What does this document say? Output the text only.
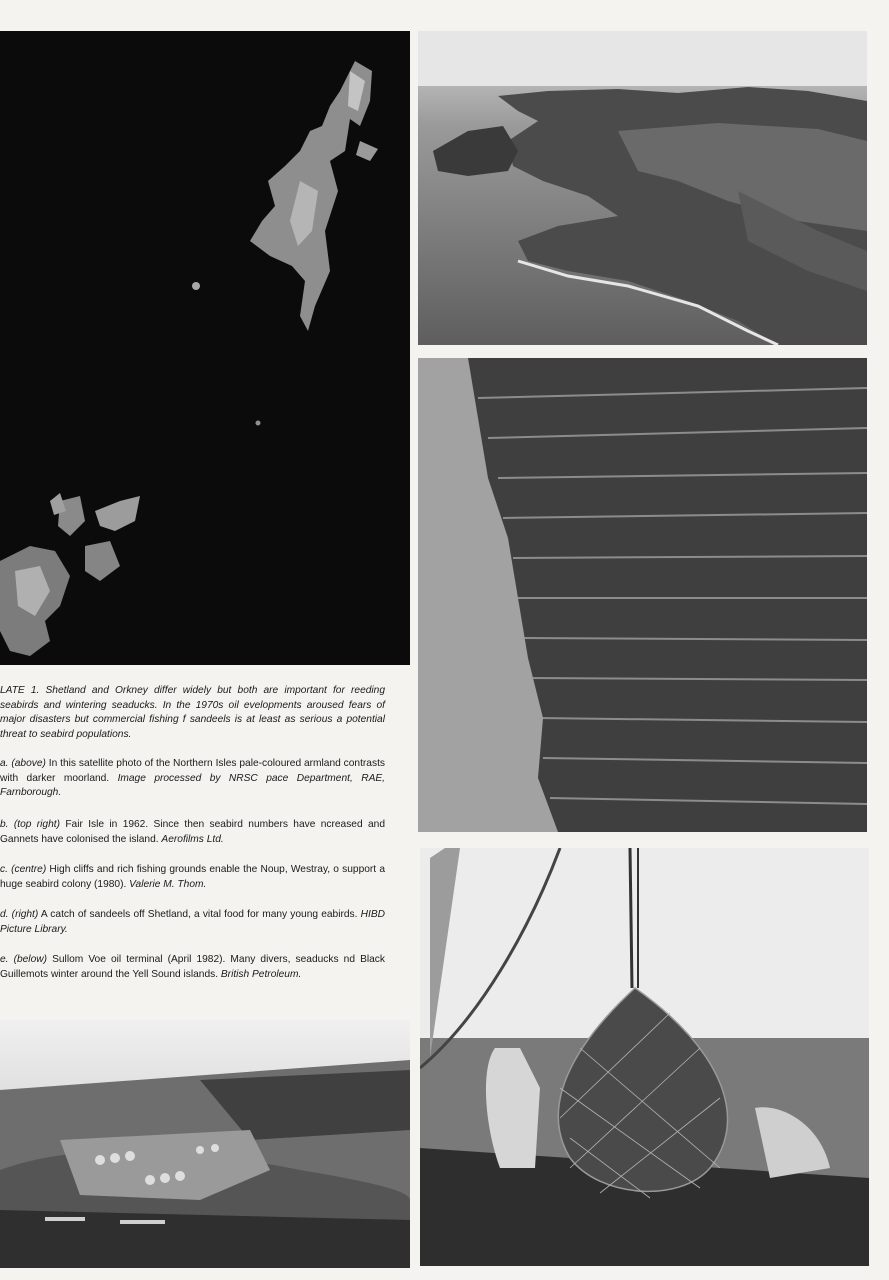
LATE 1. Shetland and Orkney differ widely but both are important for reeding seabirds and wintering seaducks. In the 1970s oil evelopments aroused fears of major disasters but commercial fishing f sandeels is at least as serious a potential threat to seabird populations.
a. (above) In this satellite photo of the Northern Isles pale-coloured armland contrasts with darker moorland. Image processed by NRSC pace Department, RAE, Farnborough.
b. (top right) Fair Isle in 1962. Since then seabird numbers have ncreased and Gannets have colonised the island. Aerofilms Ltd.
c. (centre) High cliffs and rich fishing grounds enable the Noup, Westray, o support a huge seabird colony (1980). Valerie M. Thom.
d. (right) A catch of sandeels off Shetland, a vital food for many young eabirds. HIBD Picture Library.
e. (below) Sullom Voe oil terminal (April 1982). Many divers, seaducks nd Black Guillemots winter around the Yell Sound islands. British Petroleum.
